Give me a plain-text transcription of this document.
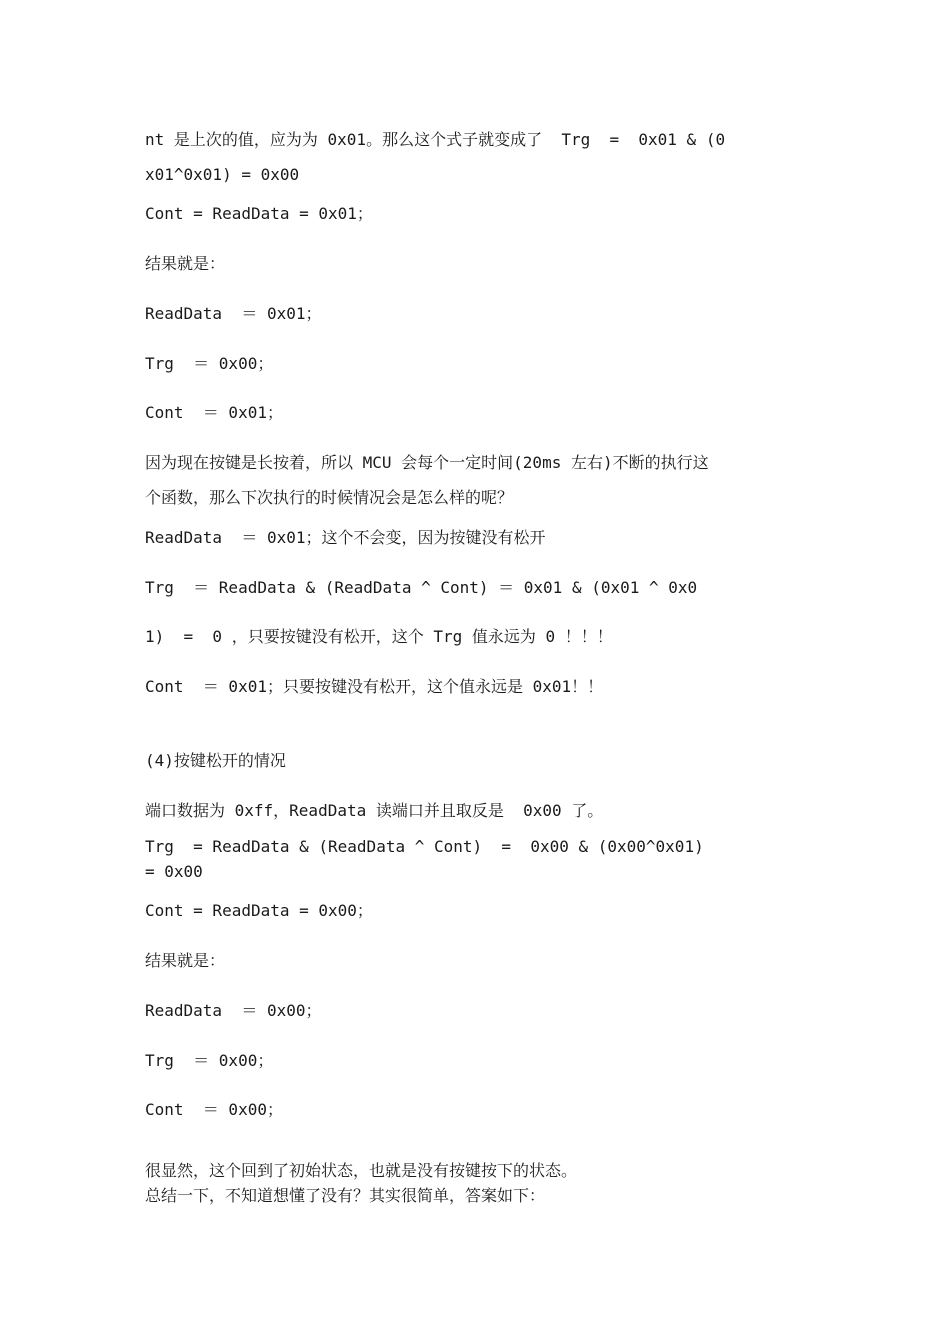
nt 是上次的值，应为为 0x01。那么这个式子就变成了  Trg  =  0x01 & (0
x01^0x01) = 0x00
Cont = ReadData = 0x01；
结果就是：
ReadData  ＝ 0x01；
Trg  ＝ 0x00；
Cont  ＝ 0x01；
因为现在按键是长按着，所以 MCU 会每个一定时间(20ms 左右)不断的执行这
个函数，那么下次执行的时候情况会是怎么样的呢？
ReadData  ＝ 0x01；这个不会变，因为按键没有松开
Trg  ＝ ReadData & (ReadData ^ Cont) ＝ 0x01 & (0x01 ^ 0x0
1)  =  0 ，只要按键没有松开，这个 Trg 值永远为 0 ！！！
Cont  ＝ 0x01；只要按键没有松开，这个值永远是 0x01！！
(4)按键松开的情况
端口数据为 0xff，ReadData 读端口并且取反是  0x00 了。
Trg  = ReadData & (ReadData ^ Cont)  =  0x00 & (0x00^0x01)
= 0x00
Cont = ReadData = 0x00；
结果就是：
ReadData  ＝ 0x00；
Trg  ＝ 0x00；
Cont  ＝ 0x00；
很显然，这个回到了初始状态，也就是没有按键按下的状态。
总结一下，不知道想懂了没有？其实很简单，答案如下：
